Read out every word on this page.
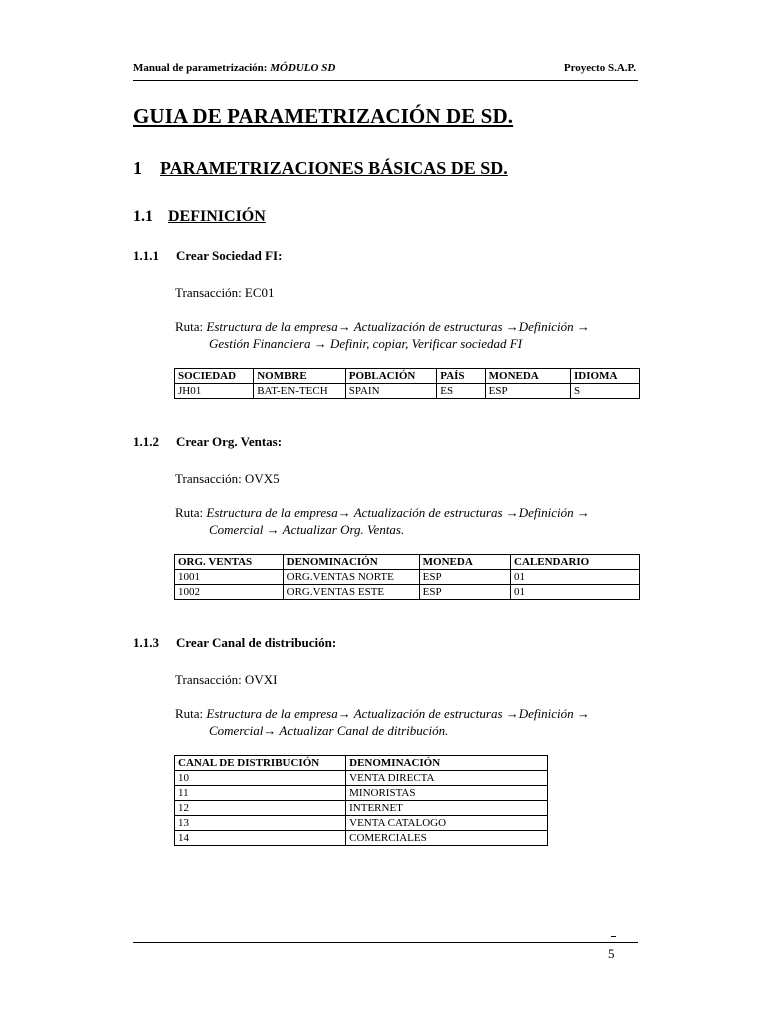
Manual de parametrización: MÓDULO SD	Proyecto S.A.P.
GUIA DE PARAMETRIZACIÓN DE SD.
1 PARAMETRIZACIONES BÁSICAS DE SD.
1.1 DEFINICIÓN
1.1.1 Crear Sociedad FI:
Transacción: EC01
Ruta: Estructura de la empresa→ Actualización de estructuras →Definición →
Gestión Financiera → Definir, copiar, Verificar sociedad FI
SOCIEDAD	NOMBRE	POBLACIÓN	PAÍS	MONEDA	IDIOMA
JH01	BAT-EN-TECH	SPAIN	ES	ESP	S
1.1.2 Crear Org. Ventas:
Transacción: OVX5
Ruta: Estructura de la empresa→ Actualización de estructuras →Definición →
Comercial → Actualizar Org. Ventas.
ORG. VENTAS	DENOMINACIÓN	MONEDA	CALENDARIO
1001	ORG.VENTAS NORTE	ESP	01
1002	ORG.VENTAS ESTE	ESP	01
1.1.3 Crear Canal de distribución:
Transacción: OVXI
Ruta: Estructura de la empresa→ Actualización de estructuras →Definición →
Comercial→ Actualizar Canal de ditribución.
CANAL DE DISTRIBUCIÓN	DENOMINACIÓN
10	VENTA DIRECTA
11	MINORISTAS
12	INTERNET
13	VENTA CATALOGO
14	COMERCIALES
5
